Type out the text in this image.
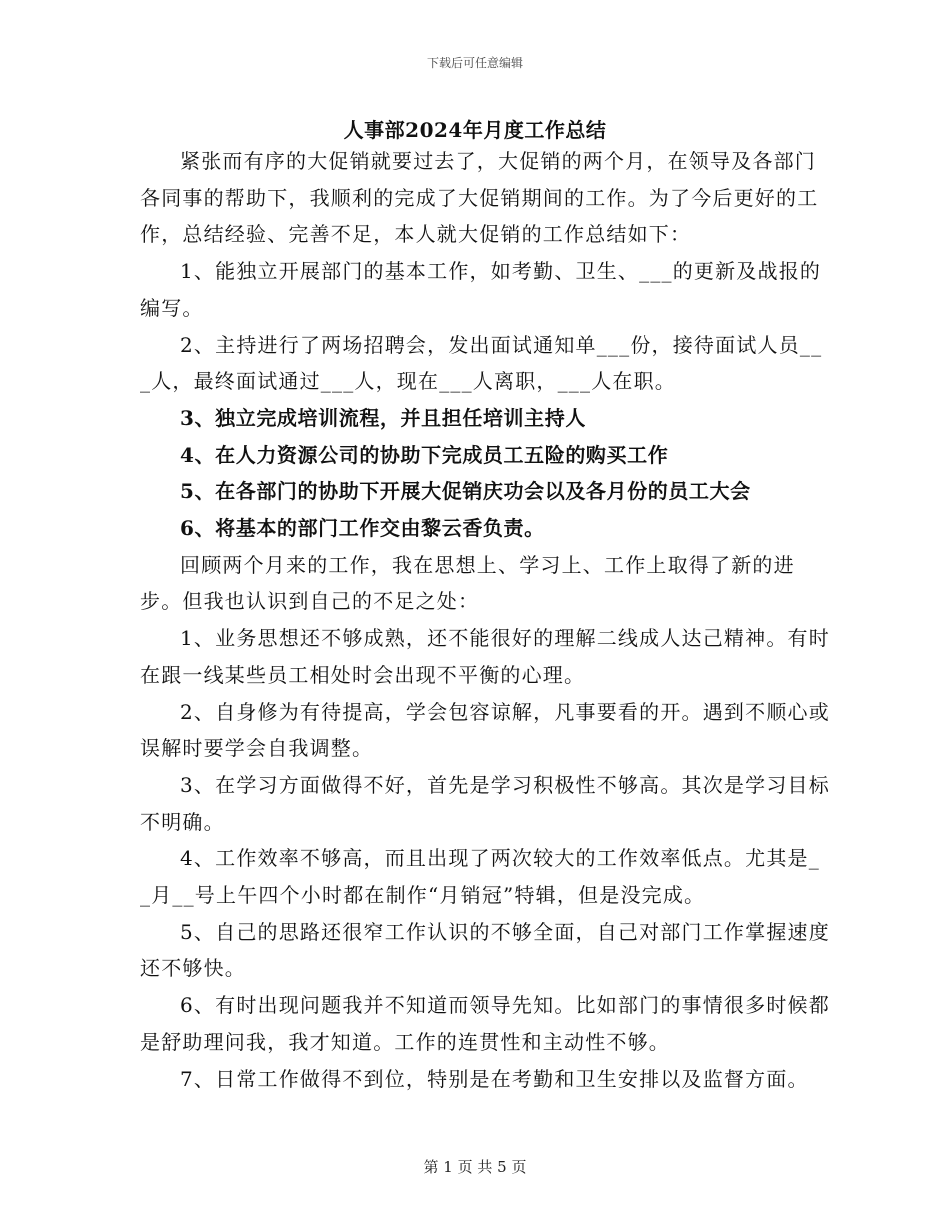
下载后可任意编辑
人事部2024年月度工作总结

紧张而有序的大促销就要过去了，大促销的两个月，在领导及各部门各同事的帮助下，我顺利的完成了大促销期间的工作。为了今后更好的工作，总结经验、完善不足，本人就大促销的工作总结如下：

1、能独立开展部门的基本工作，如考勤、卫生、___的更新及战报的编写。

2、主持进行了两场招聘会，发出面试通知单___份，接待面试人员___人，最终面试通过___人，现在___人离职，___人在职。

3、独立完成培训流程，并且担任培训主持人

4、在人力资源公司的协助下完成员工五险的购买工作

5、在各部门的协助下开展大促销庆功会以及各月份的员工大会

6、将基本的部门工作交由黎云香负责。

回顾两个月来的工作，我在思想上、学习上、工作上取得了新的进步。但我也认识到自己的不足之处：

1、业务思想还不够成熟，还不能很好的理解二线成人达己精神。有时在跟一线某些员工相处时会出现不平衡的心理。

2、自身修为有待提高，学会包容谅解，凡事要看的开。遇到不顺心或误解时要学会自我调整。

3、在学习方面做得不好，首先是学习积极性不够高。其次是学习目标不明确。

4、工作效率不够高，而且出现了两次较大的工作效率低点。尤其是__月__号上午四个小时都在制作“月销冠”特辑，但是没完成。

5、自己的思路还很窄工作认识的不够全面，自己对部门工作掌握速度还不够快。

6、有时出现问题我并不知道而领导先知。比如部门的事情很多时候都是舒助理问我，我才知道。工作的连贯性和主动性不够。

7、日常工作做得不到位，特别是在考勤和卫生安排以及监督方面。

第 1 页 共 5 页
